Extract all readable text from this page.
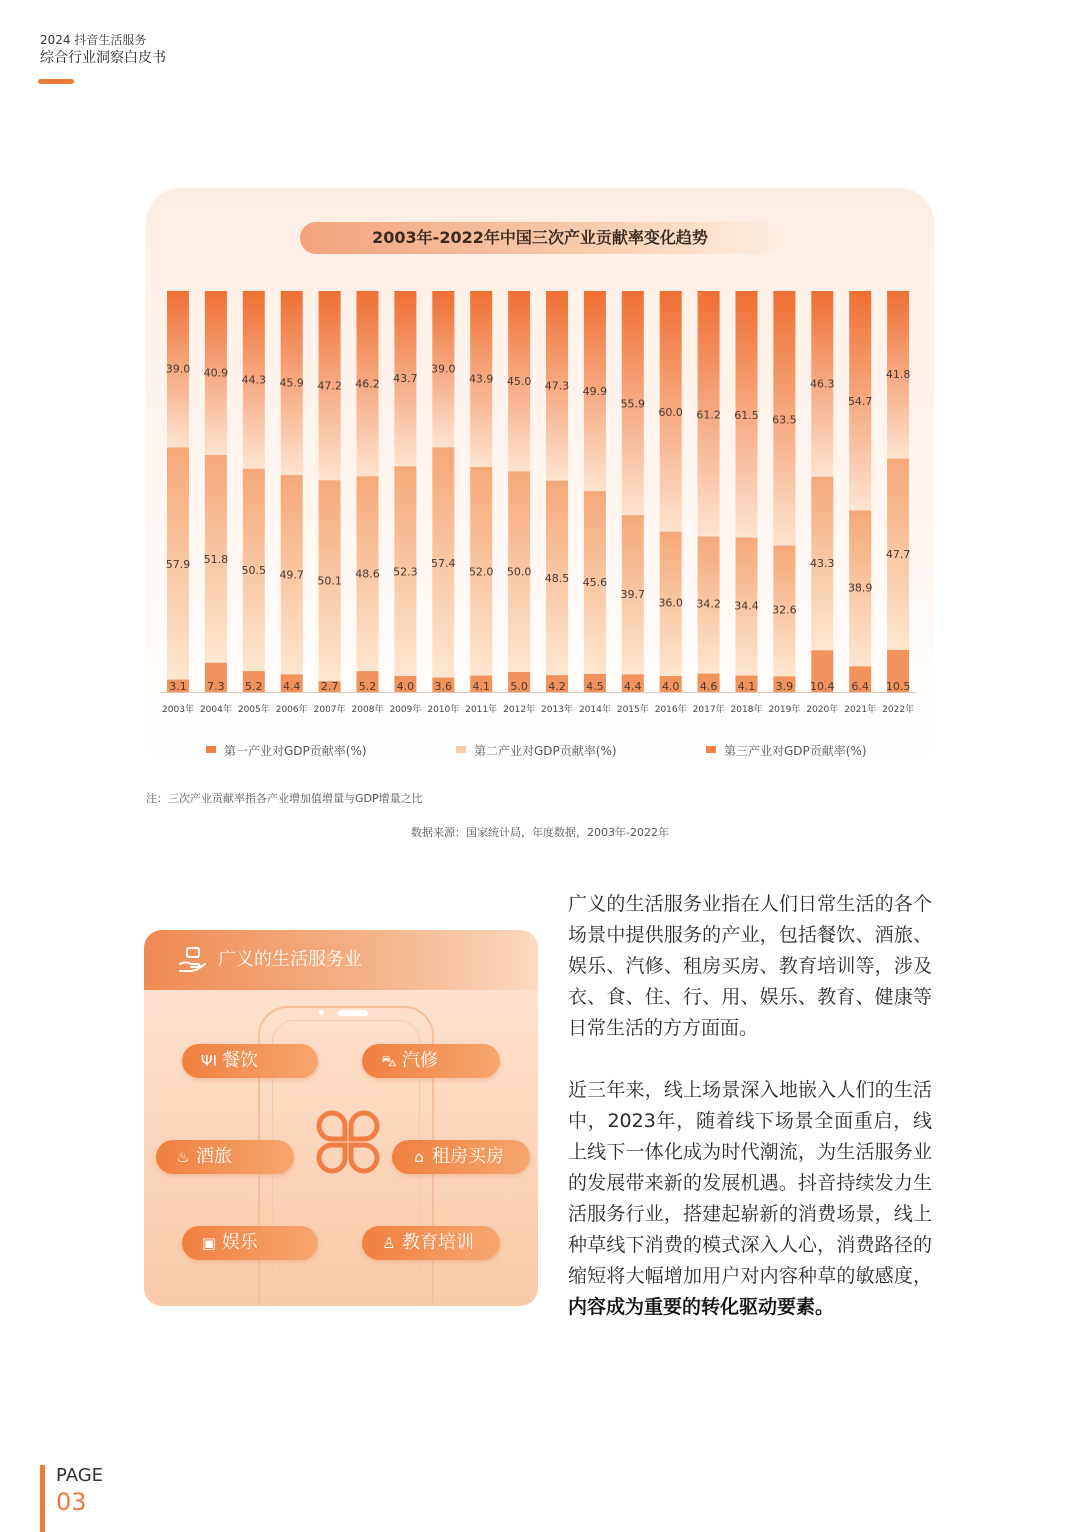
2024 抖音生活服务
综合行业洞察白皮书
2003年-2022年中国三次产业贡献率变化趋势
39.0
57.9
3.1
2003年
40.9
51.8
7.3
2004年
44.3
50.5
5.2
2005年
45.9
49.7
4.4
2006年
47.2
50.1
2.7
2007年
46.2
48.6
5.2
2008年
43.7
52.3
4.0
2009年
39.0
57.4
3.6
2010年
43.9
52.0
4.1
2011年
45.0
50.0
5.0
2012年
47.3
48.5
4.2
2013年
49.9
45.6
4.5
2014年
55.9
39.7
4.4
2015年
60.0
36.0
4.0
2016年
61.2
34.2
4.6
2017年
61.5
34.4
4.1
2018年
63.5
32.6
3.9
2019年
46.3
43.3
10.4
2020年
54.7
38.9
6.4
2021年
41.8
47.7
10.5
2022年
第一产业对GDP贡献率(%)	第二产业对GDP贡献率(%)	第三产业对GDP贡献率(%)
注：三次产业贡献率指各产业增加值增量与GDP增量之比
数据来源：国家统计局，年度数据，2003年-2022年
广义的生活服务业
ΨΙ 餐饮	⛍ 汽修
♨ 酒旅	⌂ 租房买房
▣ 娱乐	♙ 教育培训
广义的生活服务业指在人们日常生活的各个场景中提供服务的产业，包括餐饮、酒旅、娱乐、汽修、租房买房、教育培训等，涉及衣、食、住、行、用、娱乐、教育、健康等日常生活的方方面面。
近三年来，线上场景深入地嵌入人们的生活中，2023年，随着线下场景全面重启，线上线下一体化成为时代潮流，为生活服务业的发展带来新的发展机遇。抖音持续发力生活服务行业，搭建起崭新的消费场景，线上种草线下消费的模式深入人心，消费路径的缩短将大幅增加用户对内容种草的敏感度，内容成为重要的转化驱动要素。
PAGE
03
